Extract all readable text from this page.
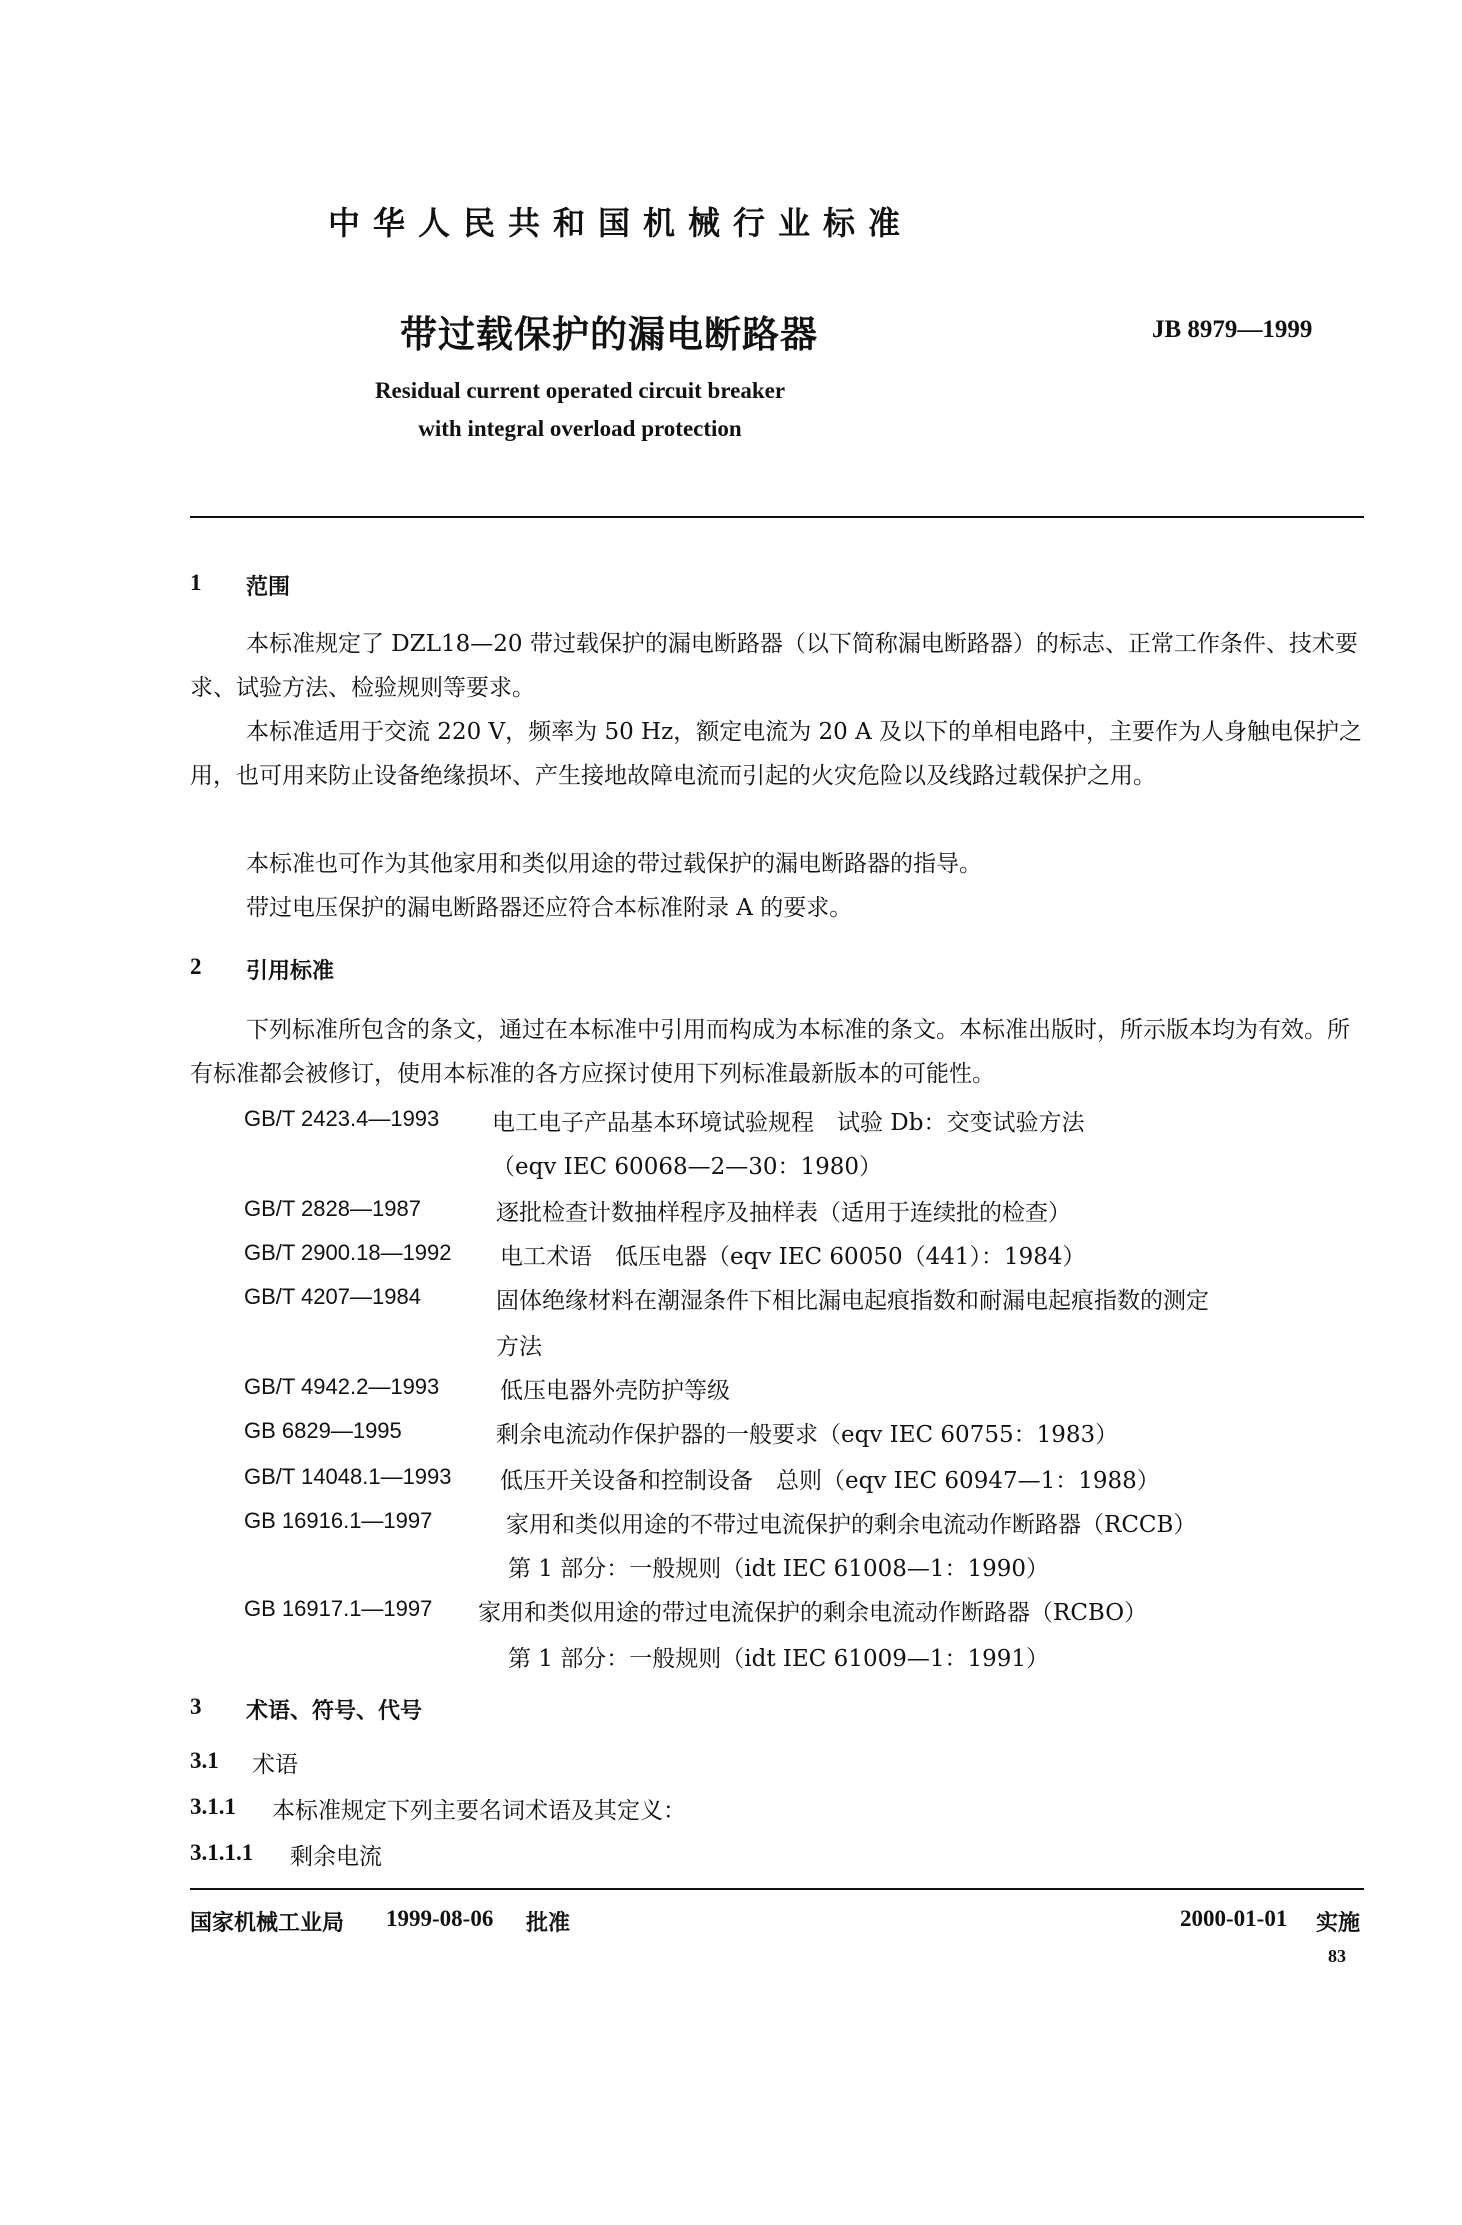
中华人民共和国机械行业标准
带过载保护的漏电断路器	JB 8979—1999
Residual current operated circuit breaker
with integral overload protection
1 范围
本标准规定了 DZL18—20 带过载保护的漏电断路器（以下简称漏电断路器）的标志、正常工作条件、技术要求、试验方法、检验规则等要求。
本标准适用于交流 220 V，频率为 50 Hz，额定电流为 20 A 及以下的单相电路中，主要作为人身触电保护之用，也可用来防止设备绝缘损坏、产生接地故障电流而引起的火灾危险以及线路过载保护之用。
本标准也可作为其他家用和类似用途的带过载保护的漏电断路器的指导。
带过电压保护的漏电断路器还应符合本标准附录 A 的要求。
2 引用标准
下列标准所包含的条文，通过在本标准中引用而构成为本标准的条文。本标准出版时，所示版本均为有效。所有标准都会被修订，使用本标准的各方应探讨使用下列标准最新版本的可能性。
GB/T 2423.4—1993 电工电子产品基本环境试验规程　试验 Db：交变试验方法
（eqv IEC 60068—2—30：1980）
GB/T 2828—1987	逐批检查计数抽样程序及抽样表（适用于连续批的检查）
GB/T 2900.18—1992 电工术语　低压电器（eqv IEC 60050（441）：1984）
GB/T 4207—1984	固体绝缘材料在潮湿条件下相比漏电起痕指数和耐漏电起痕指数的测定
方法
GB/T 4942.2—1993	低压电器外壳防护等级
GB 6829—1995	剩余电流动作保护器的一般要求（eqv IEC 60755：1983）
GB/T 14048.1—1993 低压开关设备和控制设备　总则（eqv IEC 60947—1：1988）
GB 16916.1—1997	家用和类似用途的不带过电流保护的剩余电流动作断路器（RCCB）
第 1 部分：一般规则（idt IEC 61008—1：1990）
GB 16917.1—1997 家用和类似用途的带过电流保护的剩余电流动作断路器（RCBO）
第 1 部分：一般规则（idt IEC 61009—1：1991）
3 术语、符号、代号
3.1 术语
3.1.1 本标准规定下列主要名词术语及其定义：
3.1.1.1 剩余电流
国家机械工业局 1999-08-06 批准	2000-01-01 实施
83
